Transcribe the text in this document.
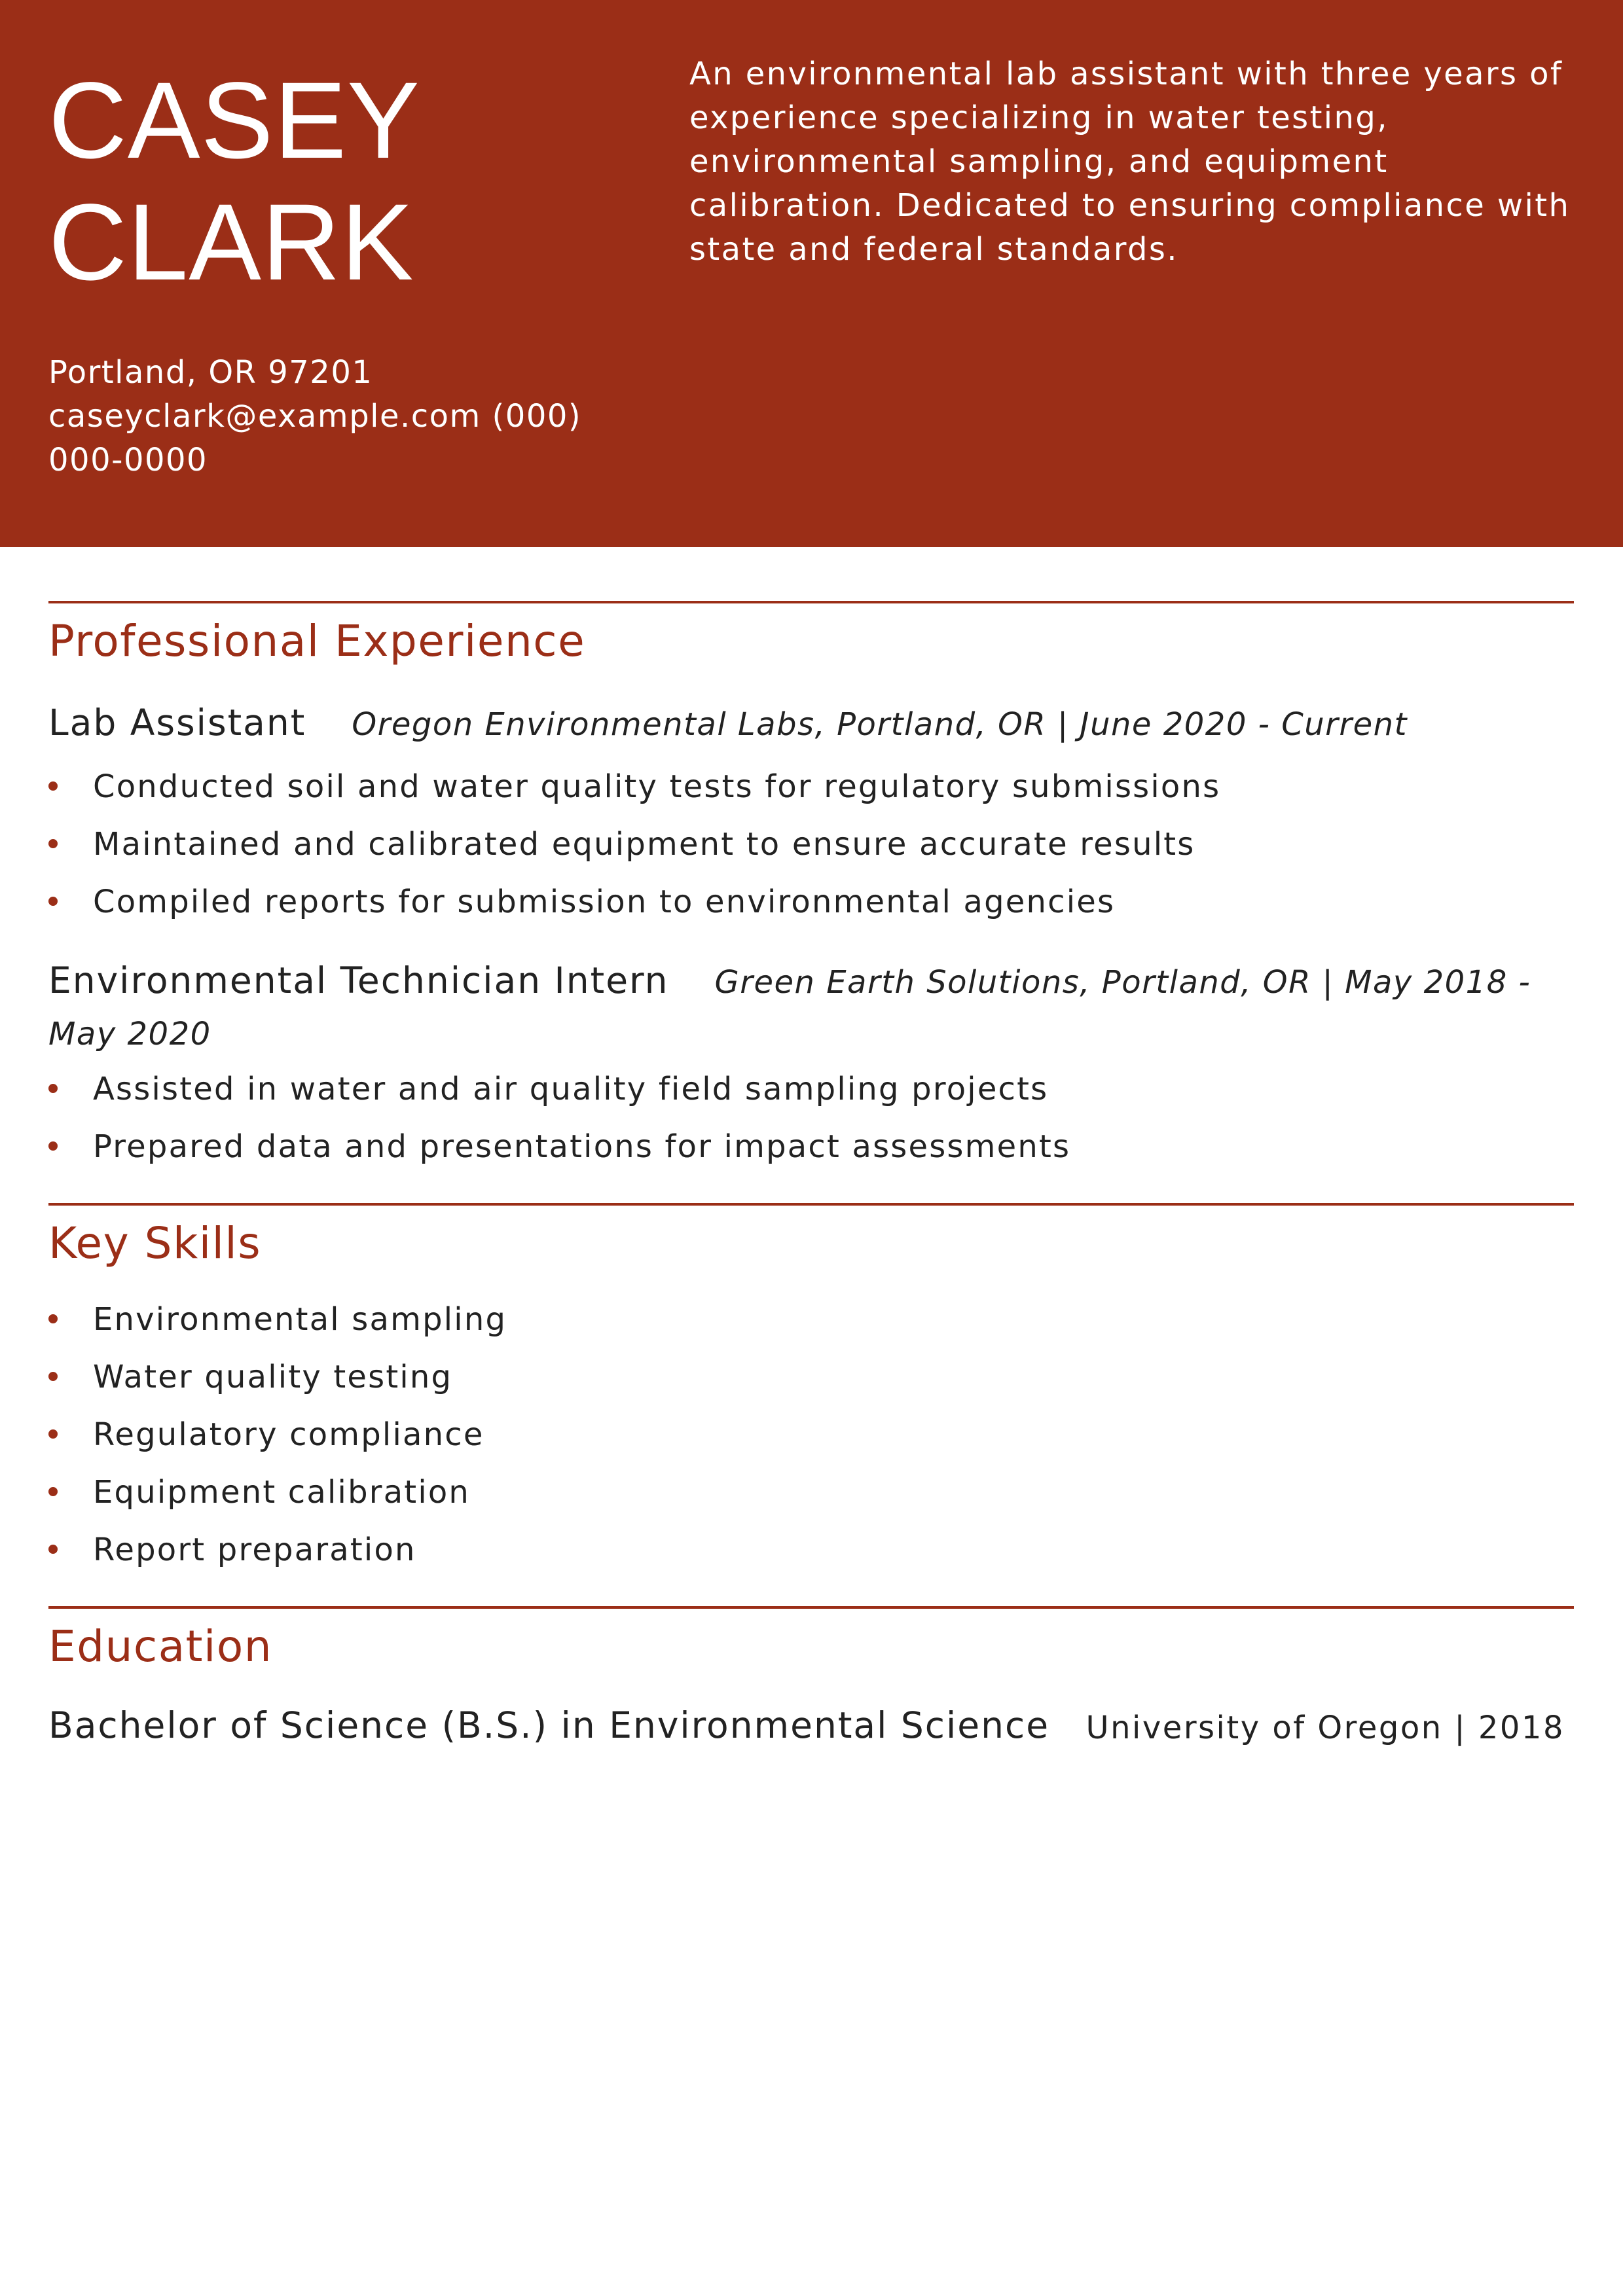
CASEY
CLARK
Portland, OR 97201
caseyclark@example.com (000)
000-0000
An environmental lab assistant with three years of experience specializing in water testing, environmental sampling, and equipment calibration. Dedicated to ensuring compliance with state and federal standards.
Professional Experience
Lab Assistant Oregon Environmental Labs, Portland, OR | June 2020 - Current
Conducted soil and water quality tests for regulatory submissions
Maintained and calibrated equipment to ensure accurate results
Compiled reports for submission to environmental agencies
Environmental Technician Intern Green Earth Solutions, Portland, OR | May 2018 - May 2020
Assisted in water and air quality field sampling projects
Prepared data and presentations for impact assessments
Key Skills
Environmental sampling
Water quality testing
Regulatory compliance
Equipment calibration
Report preparation
Education
Bachelor of Science (B.S.) in Environmental Science University of Oregon | 2018
